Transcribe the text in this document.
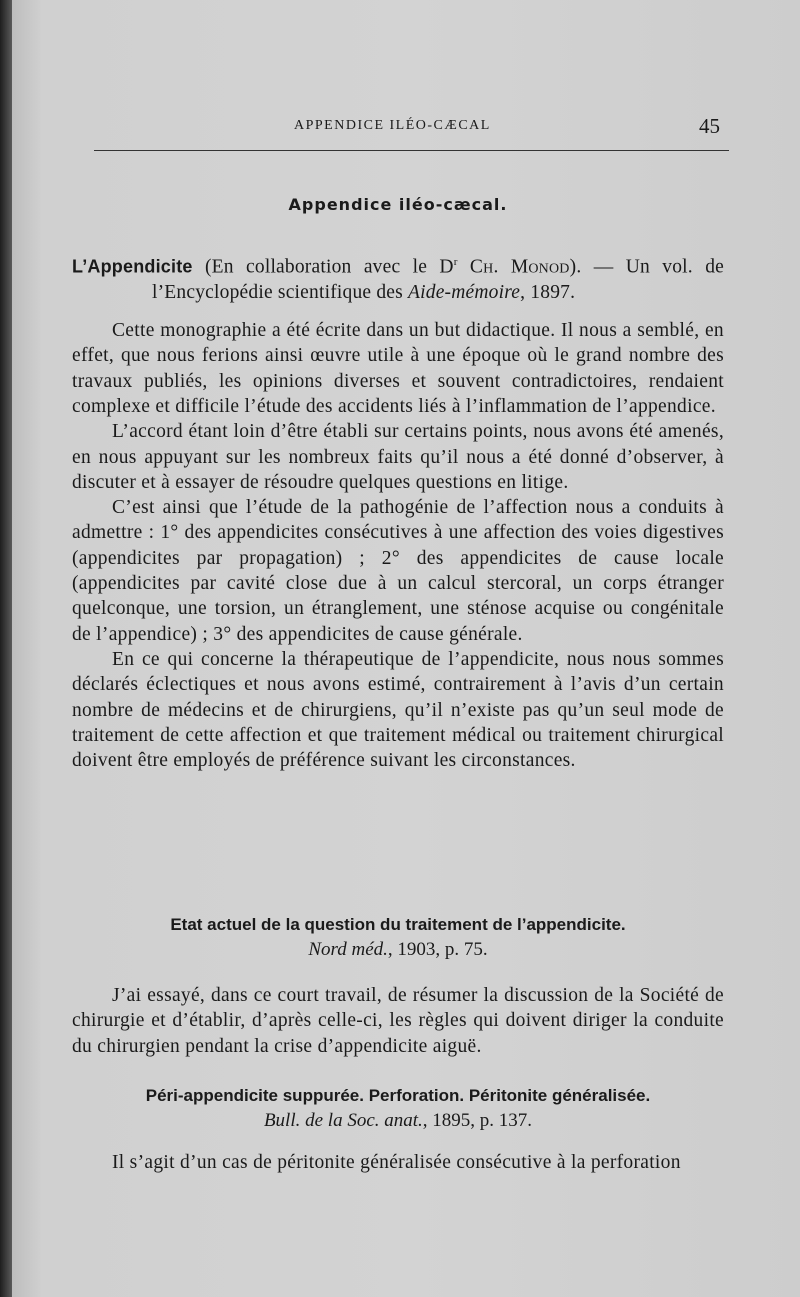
APPENDICE ILÉO-CÆCAL	45
Appendice iléo-cæcal.

L’Appendicite (En collaboration avec le $D^r$ Ch. Monod). — Un vol. de l’Encyclopédie scientifique des Aide-mémoire, 1897.

Cette monographie a été écrite dans un but didactique. Il nous a semblé, en effet, que nous ferions ainsi œuvre utile à une époque où le grand nombre des travaux publiés, les opinions diverses et souvent contradictoires, rendaient complexe et difficile l’étude des accidents liés à l’inflammation de l’appendice.

L’accord étant loin d’être établi sur certains points, nous avons été amenés, en nous appuyant sur les nombreux faits qu’il nous a été donné d’observer, à discuter et à essayer de résoudre quelques questions en litige.

C’est ainsi que l’étude de la pathogénie de l’affection nous a conduits à admettre : 1° des appendicites consécutives à une affection des voies digestives (appendicites par propagation) ; 2° des appendicites de cause locale (appendicites par cavité close due à un calcul stercoral, un corps étranger quelconque, une torsion, un étranglement, une sténose acquise ou congénitale de l’appendice) ; 3° des appendicites de cause générale.

En ce qui concerne la thérapeutique de l’appendicite, nous nous sommes déclarés éclectiques et nous avons estimé, contrairement à l’avis d’un certain nombre de médecins et de chirurgiens, qu’il n’existe pas qu’un seul mode de traitement de cette affection et que traitement médical ou traitement chirurgical doivent être employés de préférence suivant les circonstances.

Etat actuel de la question du traitement de l’appendicite.
Nord méd., 1903, p. 75.

J’ai essayé, dans ce court travail, de résumer la discussion de la Société de chirurgie et d’établir, d’après celle-ci, les règles qui doivent diriger la conduite du chirurgien pendant la crise d’appendicite aiguë.

Péri-appendicite suppurée. Perforation. Péritonite généralisée.
Bull. de la Soc. anat., 1895, p. 137.

Il s’agit d’un cas de péritonite généralisée consécutive à la perforation
